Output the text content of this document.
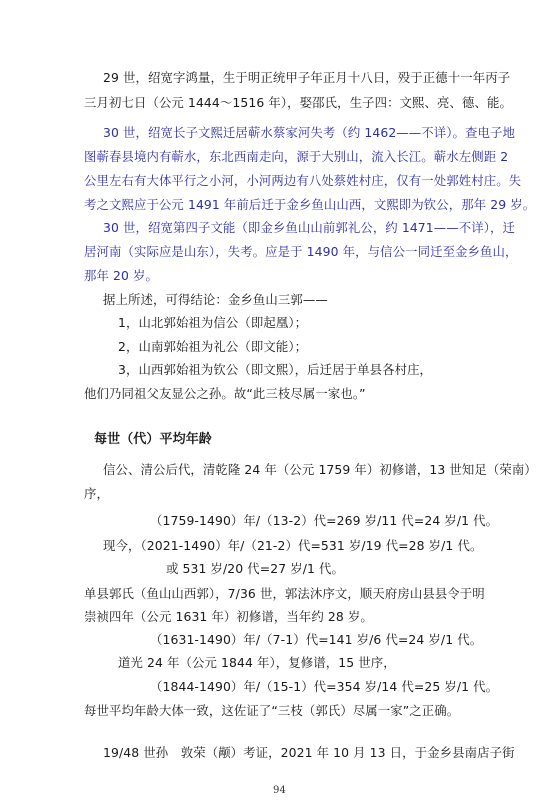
29 世，绍宽字鸿量，生于明正统甲子年正月十八日，殁于正德十一年丙子
三月初七日（公元 1444～1516 年），娶邵氏，生子四：文熙、亮、德、能。
30 世，绍宽长子文熙迁居蕲水蔡家河失考（约 1462——不详）。查电子地
图蕲春县境内有蕲水，东北西南走向，源于大别山，流入长江。蕲水左侧距 2
公里左右有大体平行之小河，小河两边有八处蔡姓村庄，仅有一处郭姓村庄。失
考之文熙应于公元 1491 年前后迁于金乡鱼山山西，文熙即为钦公，那年 29 岁。
30 世，绍宽第四子文能（即金乡鱼山山前郭礼公，约 1471——不详），迁
居河南（实际应是山东），失考。应是于 1490 年，与信公一同迁至金乡鱼山，
那年 20 岁。
据上所述，可得结论：金乡鱼山三郭——
1，山北郭始祖为信公（即起凰）；
2，山南郭始祖为礼公（即文能）；
3，山西郭始祖为钦公（即文熙），后迁居于单县各村庄，
他们乃同祖父友显公之孙。故“此三枝尽属一家也。”
每世（代）平均年龄
信公、清公后代，清乾隆 24 年（公元 1759 年）初修谱，13 世知足（荣南）
序，
（1759-1490）年/（13-2）代=269 岁/11 代=24 岁/1 代。
现今，（2021-1490）年/（21-2）代=531 岁/19 代=28 岁/1 代。
或 531 岁/20 代=27 岁/1 代。
单县郭氏（鱼山山西郭），7/36 世，郭法沐序文，顺天府房山县县令于明
崇祯四年（公元 1631 年）初修谱，当年约 28 岁。
（1631-1490）年/（7-1）代=141 岁/6 代=24 岁/1 代。
道光 24 年（公元 1844 年），复修谱，15 世序，
（1844-1490）年/（15-1）代=354 岁/14 代=25 岁/1 代。
每世平均年龄大体一致，这佐证了“三枝（郭氏）尽属一家”之正确。
19/48 世孙　敦荣（颟）考证，2021 年 10 月 13 日，于金乡县南店子街
94
